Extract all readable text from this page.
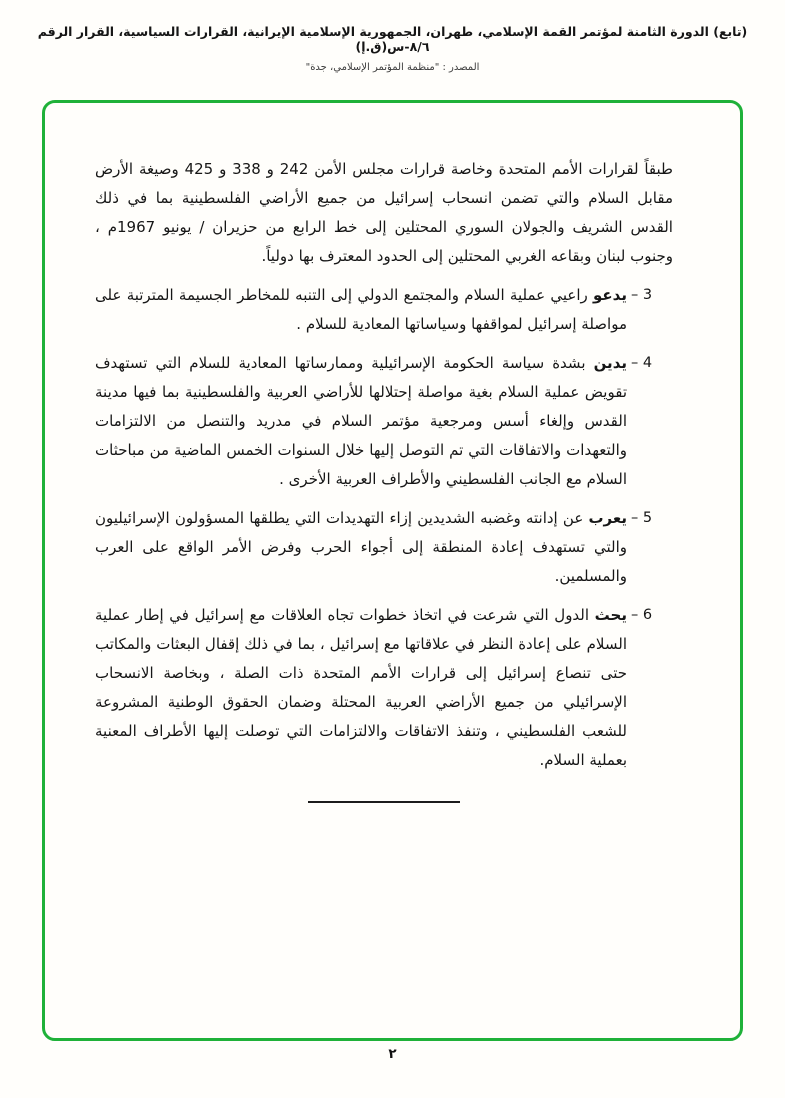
(تابع) الدورة الثامنة لمؤتمر القمة الإسلامي، طهران، الجمهورية الإسلامية الإيرانية، القرارات السياسية، القرار الرقم ٨/٦-س(ق.إ)
المصدر : "منظمة المؤتمر الإسلامي، جدة"

طبقاً لقرارات الأمم المتحدة وخاصة قرارات مجلس الأمن 242 و 338 و 425 وصيغة الأرض مقابل السلام والتي تضمن انسحاب إسرائيل من جميع الأراضي الفلسطينية بما في ذلك القدس الشريف والجولان السوري المحتلين إلى خط الرابع من حزيران / يونيو 1967م ، وجنوب لبنان وبقاعه الغربي المحتلين إلى الحدود المعترف بها دولياً.

– 3
يدعو راعيي عملية السلام والمجتمع الدولي إلى التنبه للمخاطر الجسيمة المترتبة على مواصلة إسرائيل لمواقفها وسياساتها المعادية للسلام .
– 4
يدين بشدة سياسة الحكومة الإسرائيلية وممارساتها المعادية للسلام التي تستهدف تقويض عملية السلام بغية مواصلة إحتلالها للأراضي العربية والفلسطينية بما فيها مدينة القدس وإلغاء أسس ومرجعية مؤتمر السلام في مدريد والتنصل من الالتزامات والتعهدات والاتفاقات التي تم التوصل إليها خلال السنوات الخمس الماضية من مباحثات السلام مع الجانب الفلسطيني والأطراف العربية الأخرى .
– 5
يعرب عن إدانته وغضبه الشديدين إزاء التهديدات التي يطلقها المسؤولون الإسرائيليون والتي تستهدف إعادة المنطقة إلى أجواء الحرب وفرض الأمر الواقع على العرب والمسلمين.
– 6
يحث الدول التي شرعت في اتخاذ خطوات تجاه العلاقات مع إسرائيل في إطار عملية السلام على إعادة النظر في علاقاتها مع إسرائيل ، بما في ذلك إقفال البعثات والمكاتب حتى تنصاع إسرائيل إلى قرارات الأمم المتحدة ذات الصلة ، وبخاصة الانسحاب الإسرائيلي من جميع الأراضي العربية المحتلة وضمان الحقوق الوطنية المشروعة للشعب الفلسطيني ، وتنفذ الاتفاقات والالتزامات التي توصلت إليها الأطراف المعنية بعملية السلام.
٢
